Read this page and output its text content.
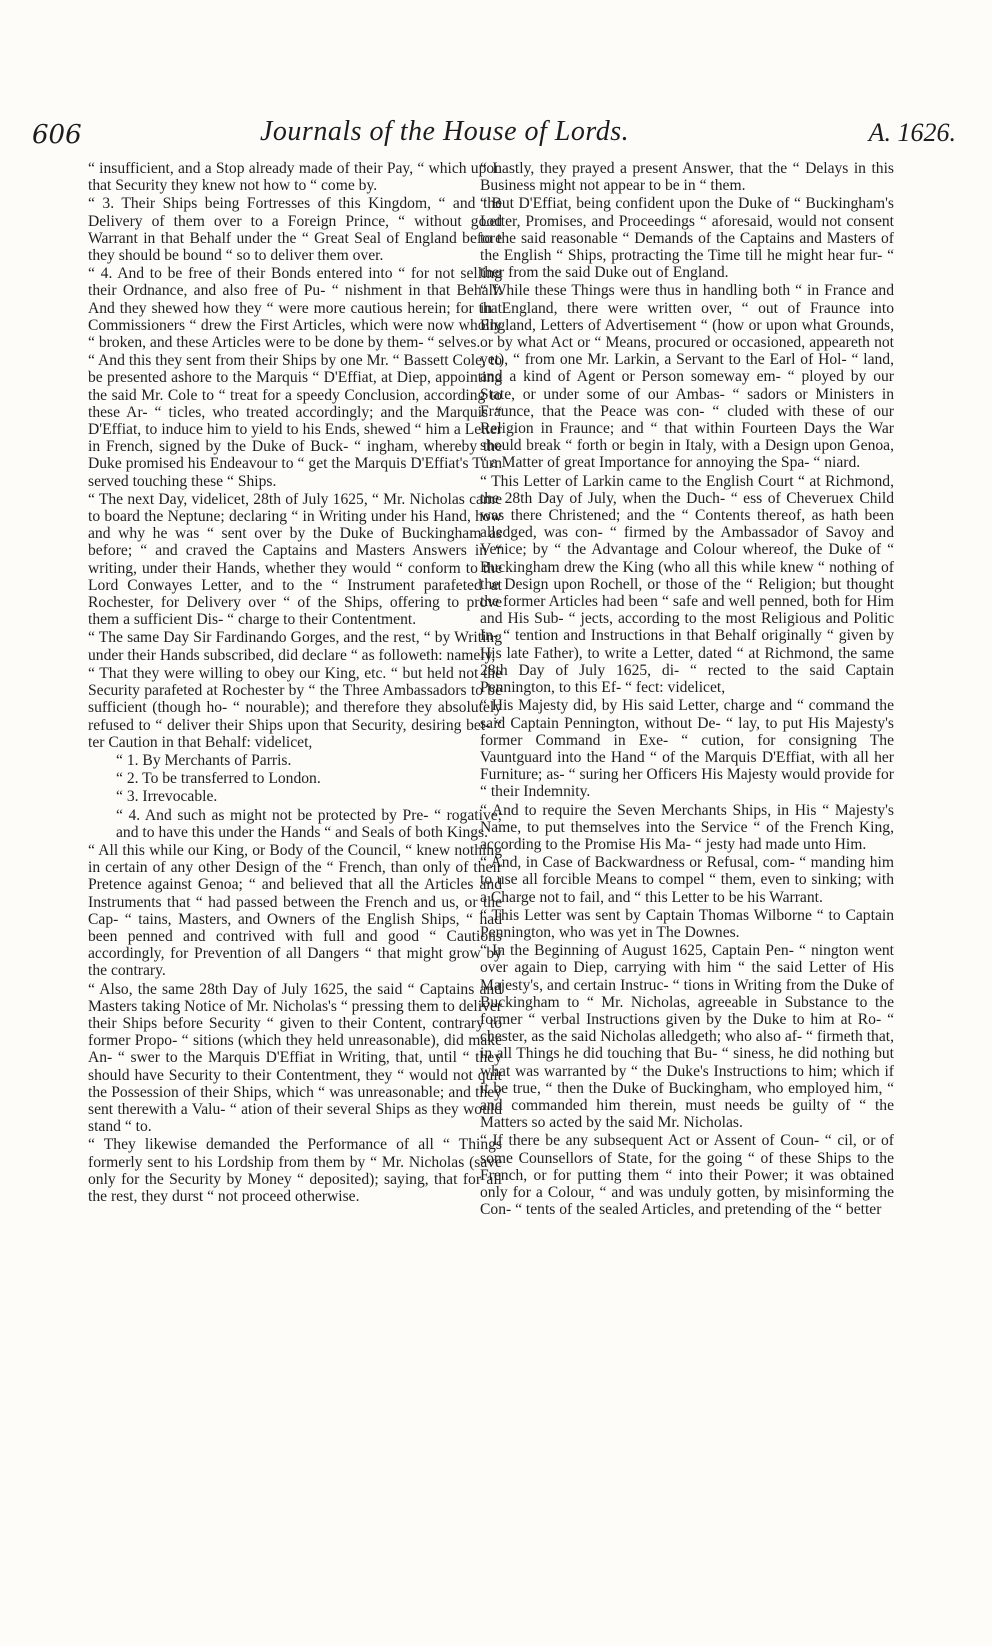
606	Journals of the House of Lords.	A. 1626.

“ insufficient, and a Stop already made of their Pay, “ which upon that Security they knew not how to “ come by.

“ 3. Their Ships being Fortresses of this Kingdom, “ and the Delivery of them over to a Foreign Prince, “ without good Warrant in that Behalf under the “ Great Seal of England before they should be bound “ so to deliver them over.

“ 4. And to be free of their Bonds entered into “ for not selling their Ordnance, and also free of Pu- “ nishment in that Behalf. And they shewed how they “ were more cautious herein; for that Commissioners “ drew the First Articles, which were now wholly “ broken, and these Articles were to be done by them- “ selves.

“ And this they sent from their Ships by one Mr. “ Bassett Cole, to be presented ashore to the Marquis “ D'Effiat, at Diep, appointing the said Mr. Cole to “ treat for a speedy Conclusion, according to these Ar- “ ticles, who treated accordingly; and the Marquis “ D'Effiat, to induce him to yield to his Ends, shewed “ him a Letter in French, signed by the Duke of Buck- “ ingham, whereby the Duke promised his Endeavour to “ get the Marquis D'Effiat's Turn served touching these “ Ships.

“ The next Day, videlicet, 28th of July 1625, “ Mr. Nicholas came to board the Neptune; declaring “ in Writing under his Hand, how and why he was “ sent over by the Duke of Buckingham as before; “ and craved the Captains and Masters Answers in “ writing, under their Hands, whether they would “ conform to the Lord Conwayes Letter, and to the “ Instrument parafeted at Rochester, for Delivery over “ of the Ships, offering to prove them a sufficient Dis- “ charge to their Contentment.

“ The same Day Sir Fardinando Gorges, and the rest, “ by Writing under their Hands subscribed, did declare “ as followeth: namely,

“ That they were willing to obey our King, etc. “ but held not the Security parafeted at Rochester by “ the Three Ambassadors to be sufficient (though ho- “ nourable); and therefore they absolutely refused to “ deliver their Ships upon that Security, desiring bet- “ ter Caution in that Behalf: videlicet,

“ 1. By Merchants of Parris.

“ 2. To be transferred to London.

“ 3. Irrevocable.

“ 4. And such as might not be protected by Pre- “ rogative; and to have this under the Hands “ and Seals of both Kings.

“ All this while our King, or Body of the Council, “ knew nothing in certain of any other Design of the “ French, than only of their Pretence against Genoa; “ and believed that all the Articles and Instruments that “ had passed between the French and us, or the Cap- “ tains, Masters, and Owners of the English Ships, “ had been penned and contrived with full and good “ Cautions accordingly, for Prevention of all Dangers “ that might grow by the contrary.

“ Also, the same 28th Day of July 1625, the said “ Captains and Masters taking Notice of Mr. Nicholas's “ pressing them to deliver their Ships before Security “ given to their Content, contrary to former Propo- “ sitions (which they held unreasonable), did make An- “ swer to the Marquis D'Effiat in Writing, that, until “ they should have Security to their Contentment, they “ would not quit the Possession of their Ships, which “ was unreasonable; and they sent therewith a Valu- “ ation of their several Ships as they would stand “ to.

“ They likewise demanded the Performance of all “ Things formerly sent to his Lordship from them by “ Mr. Nicholas (save only for the Security by Money “ deposited); saying, that for all the rest, they durst “ not proceed otherwise.

“ Lastly, they prayed a present Answer, that the “ Delays in this Business might not appear to be in “ them.

“ But D'Effiat, being confident upon the Duke of “ Buckingham's Letter, Promises, and Proceedings “ aforesaid, would not consent to the said reasonable “ Demands of the Captains and Masters of the English “ Ships, protracting the Time till he might hear fur- “ ther from the said Duke out of England.

“ While these Things were thus in handling both “ in France and in England, there were written over, “ out of Fraunce into England, Letters of Advertisement “ (how or upon what Grounds, or by what Act or “ Means, procured or occasioned, appeareth not yet), “ from one Mr. Larkin, a Servant to the Earl of Hol- “ land, and a kind of Agent or Person someway em- “ ployed by our State, or under some of our Ambas- “ sadors or Ministers in Fraunce, that the Peace was con- “ cluded with these of our Religion in Fraunce; and “ that within Fourteen Days the War should break “ forth or begin in Italy, with a Design upon Genoa, “ a Matter of great Importance for annoying the Spa- “ niard.

“ This Letter of Larkin came to the English Court “ at Richmond, the 28th Day of July, when the Duch- “ ess of Cheveruex Child was there Christened; and the “ Contents thereof, as hath been alledged, was con- “ firmed by the Ambassador of Savoy and Venice; by “ the Advantage and Colour whereof, the Duke of “ Buckingham drew the King (who all this while knew “ nothing of the Design upon Rochell, or those of the “ Religion; but thought the former Articles had been “ safe and well penned, both for Him and His Sub- “ jects, according to the most Religious and Politic In- “ tention and Instructions in that Behalf originally “ given by His late Father), to write a Letter, dated “ at Richmond, the same 28th Day of July 1625, di- “ rected to the said Captain Pennington, to this Ef- “ fect: videlicet,

“ His Majesty did, by His said Letter, charge and “ command the said Captain Pennington, without De- “ lay, to put His Majesty's former Command in Exe- “ cution, for consigning The Vauntguard into the Hand “ of the Marquis D'Effiat, with all her Furniture; as- “ suring her Officers His Majesty would provide for “ their Indemnity.

“ And to require the Seven Merchants Ships, in His “ Majesty's Name, to put themselves into the Service “ of the French King, according to the Promise His Ma- “ jesty had made unto Him.

“ And, in Case of Backwardness or Refusal, com- “ manding him to use all forcible Means to compel “ them, even to sinking; with a Charge not to fail, and “ this Letter to be his Warrant.

“ This Letter was sent by Captain Thomas Wilborne “ to Captain Pennington, who was yet in The Downes.

“ In the Beginning of August 1625, Captain Pen- “ nington went over again to Diep, carrying with him “ the said Letter of His Majesty's, and certain Instruc- “ tions in Writing from the Duke of Buckingham to “ Mr. Nicholas, agreeable in Substance to the former “ verbal Instructions given by the Duke to him at Ro- “ chester, as the said Nicholas alledgeth; who also af- “ firmeth that, in all Things he did touching that Bu- “ siness, he did nothing but what was warranted by “ the Duke's Instructions to him; which if it be true, “ then the Duke of Buckingham, who employed him, “ and commanded him therein, must needs be guilty of “ the Matters so acted by the said Mr. Nicholas.

“ If there be any subsequent Act or Assent of Coun- “ cil, or of some Counsellors of State, for the going “ of these Ships to the French, or for putting them “ into their Power; it was obtained only for a Colour, “ and was unduly gotten, by misinforming the Con- “ tents of the sealed Articles, and pretending of the “ better
